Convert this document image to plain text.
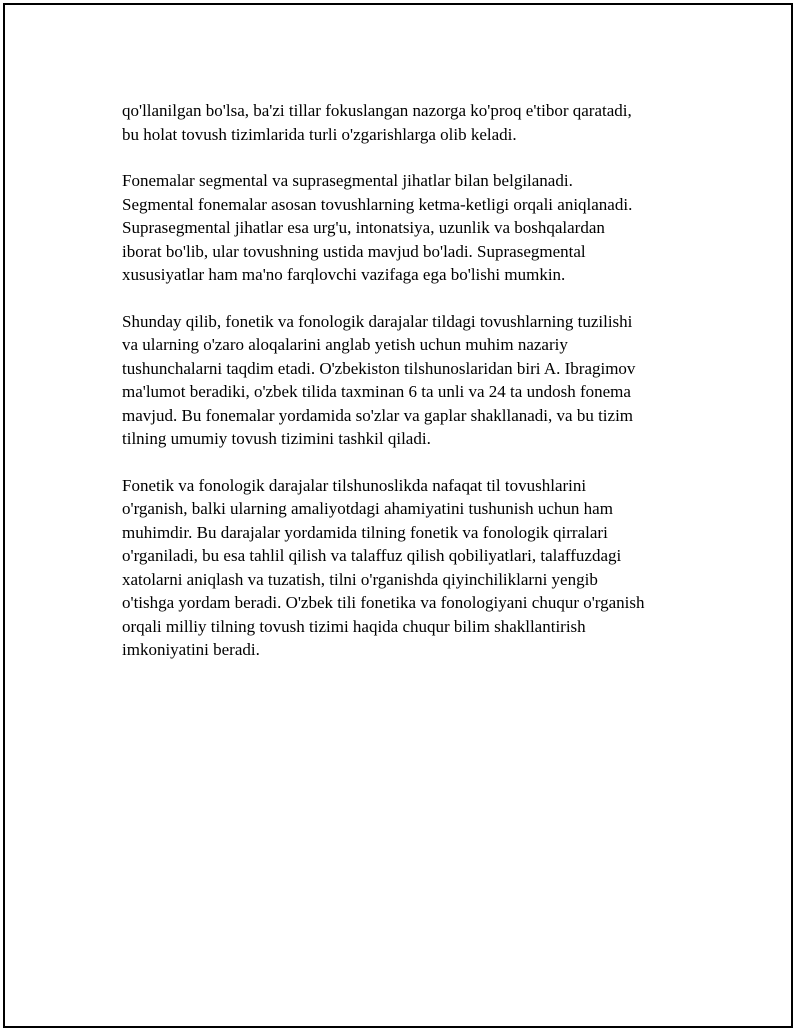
qo'llanilgan bo'lsa, ba'zi tillar fokuslangan nazorga ko'proq e'tibor qaratadi,
bu holat tovush tizimlarida turli o'zgarishlarga olib keladi.

Fonemalar segmental va suprasegmental jihatlar bilan belgilanadi.
Segmental fonemalar asosan tovushlarning ketma-ketligi orqali aniqlanadi.
Suprasegmental jihatlar esa urg'u, intonatsiya, uzunlik va boshqalardan
iborat bo'lib, ular tovushning ustida mavjud bo'ladi. Suprasegmental
xususiyatlar ham ma'no farqlovchi vazifaga ega bo'lishi mumkin.

Shunday qilib, fonetik va fonologik darajalar tildagi tovushlarning tuzilishi
va ularning o'zaro aloqalarini anglab yetish uchun muhim nazariy
tushunchalarni taqdim etadi. O'zbekiston tilshunoslaridan biri A. Ibragimov
ma'lumot beradiki, o'zbek tilida taxminan 6 ta unli va 24 ta undosh fonema
mavjud. Bu fonemalar yordamida so'zlar va gaplar shakllanadi, va bu tizim
tilning umumiy tovush tizimini tashkil qiladi.

Fonetik va fonologik darajalar tilshunoslikda nafaqat til tovushlarini
o'rganish, balki ularning amaliyotdagi ahamiyatini tushunish uchun ham
muhimdir. Bu darajalar yordamida tilning fonetik va fonologik qirralari
o'rganiladi, bu esa tahlil qilish va talaffuz qilish qobiliyatlari, talaffuzdagi
xatolarni aniqlash va tuzatish, tilni o'rganishda qiyinchiliklarni yengib
o'tishga yordam beradi. O'zbek tili fonetika va fonologiyani chuqur o'rganish
orqali milliy tilning tovush tizimi haqida chuqur bilim shakllantirish
imkoniyatini beradi.
